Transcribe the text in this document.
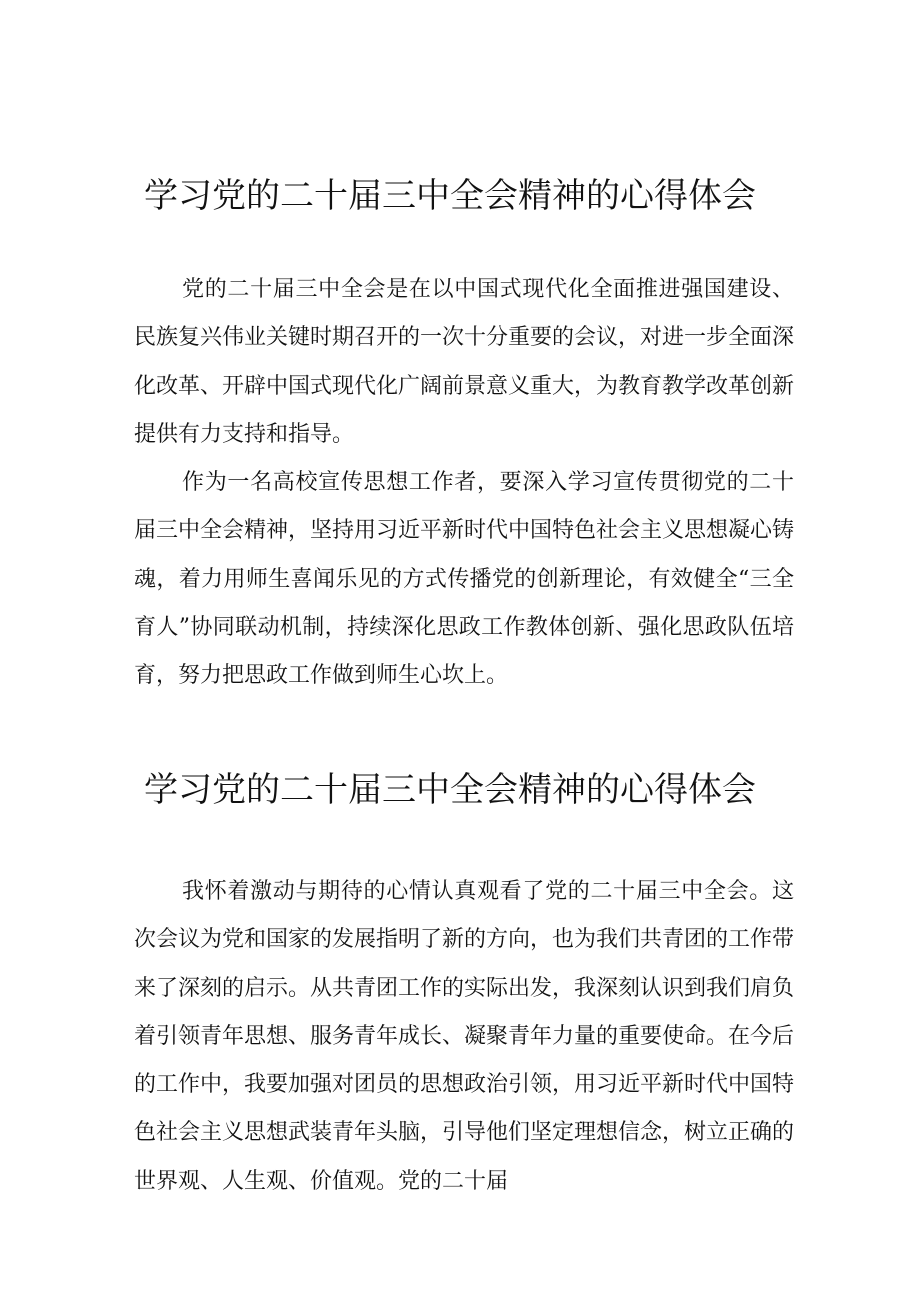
学习党的二十届三中全会精神的心得体会

党的二十届三中全会是在以中国式现代化全面推进强国建设、民族复兴伟业关键时期召开的一次十分重要的会议，对进一步全面深化改革、开辟中国式现代化广阔前景意义重大，为教育教学改革创新提供有力支持和指导。

作为一名高校宣传思想工作者，要深入学习宣传贯彻党的二十届三中全会精神，坚持用习近平新时代中国特色社会主义思想凝心铸魂，着力用师生喜闻乐见的方式传播党的创新理论，有效健全“三全育人”协同联动机制，持续深化思政工作教体创新、强化思政队伍培育，努力把思政工作做到师生心坎上。

学习党的二十届三中全会精神的心得体会

我怀着激动与期待的心情认真观看了党的二十届三中全会。这次会议为党和国家的发展指明了新的方向，也为我们共青团的工作带来了深刻的启示。从共青团工作的实际出发，我深刻认识到我们肩负着引领青年思想、服务青年成长、凝聚青年力量的重要使命。在今后的工作中，我要加强对团员的思想政治引领，用习近平新时代中国特色社会主义思想武装青年头脑，引导他们坚定理想信念，树立正确的世界观、人生观、价值观。党的二十届
